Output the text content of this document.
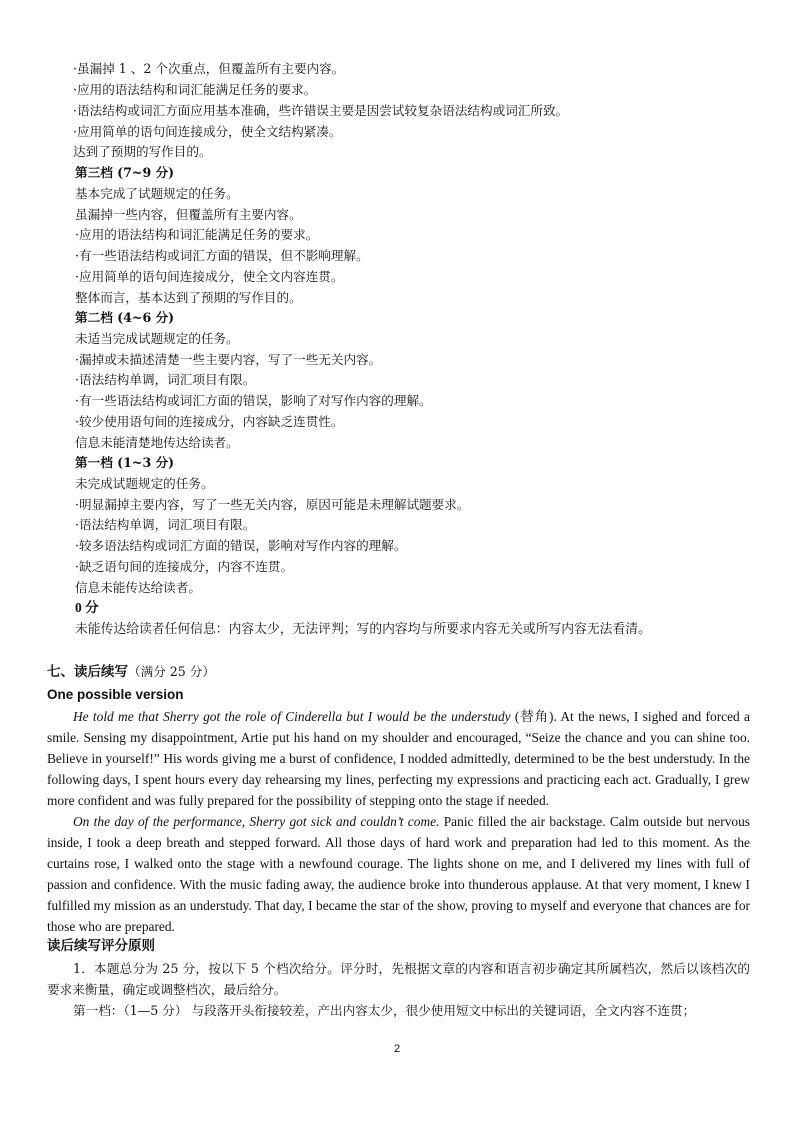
·虽漏掉 1 、2 个次重点，但覆盖所有主要内容。
·应用的语法结构和词汇能满足任务的要求。
·语法结构或词汇方面应用基本准确，些许错误主要是因尝试较复杂语法结构或词汇所致。
·应用简单的语句间连接成分，使全文结构紧凑。
达到了预期的写作目的。
第三档 (7~9 分)
基本完成了试题规定的任务。
虽漏掉一些内容，但覆盖所有主要内容。
·应用的语法结构和词汇能满足任务的要求。
·有一些语法结构或词汇方面的错误，但不影响理解。
·应用简单的语句间连接成分，使全文内容连贯。
整体而言，基本达到了预期的写作目的。
第二档 (4~6 分)
未适当完成试题规定的任务。
·漏掉或未描述清楚一些主要内容，写了一些无关内容。
·语法结构单调，词汇项目有限。
·有一些语法结构或词汇方面的错误，影响了对写作内容的理解。
·较少使用语句间的连接成分，内容缺乏连贯性。
信息未能清楚地传达给读者。
第一档 (1~3 分)
未完成试题规定的任务。
·明显漏掉主要内容，写了一些无关内容，原因可能是未理解试题要求。
·语法结构单调，词汇项目有限。
·较多语法结构或词汇方面的错误，影响对写作内容的理解。
·缺乏语句间的连接成分，内容不连贯。
信息未能传达给读者。
0 分
未能传达给读者任何信息：内容太少，无法评判；写的内容均与所要求内容无关或所写内容无法看清。
七、读后续写（满分 25 分）
One possible version
He told me that Sherry got the role of Cinderella but I would be the understudy (替角). At the news, I sighed and forced a smile. Sensing my disappointment, Artie put his hand on my shoulder and encouraged, “Seize the chance and you can shine too. Believe in yourself!” His words giving me a burst of confidence, I nodded admittedly, determined to be the best understudy. In the following days, I spent hours every day rehearsing my lines, perfecting my expressions and practicing each act. Gradually, I grew more confident and was fully prepared for the possibility of stepping onto the stage if needed.
On the day of the performance, Sherry got sick and couldn’t come. Panic filled the air backstage. Calm outside but nervous inside, I took a deep breath and stepped forward. All those days of hard work and preparation had led to this moment. As the curtains rose, I walked onto the stage with a newfound courage. The lights shone on me, and I delivered my lines with full of passion and confidence. With the music fading away, the audience broke into thunderous applause. At that very moment, I knew I fulfilled my mission as an understudy. That day, I became the star of the show, proving to myself and everyone that chances are for those who are prepared.
读后续写评分原则
1．本题总分为 25 分，按以下 5 个档次给分。评分时，先根据文章的内容和语言初步确定其所属档次，然后以该档次的要求来衡量，确定或调整档次，最后给分。
第一档：（1—5 分） 与段落开头衔接较差，产出内容太少，很少使用短文中标出的关键词语，全文内容不连贯；
2
